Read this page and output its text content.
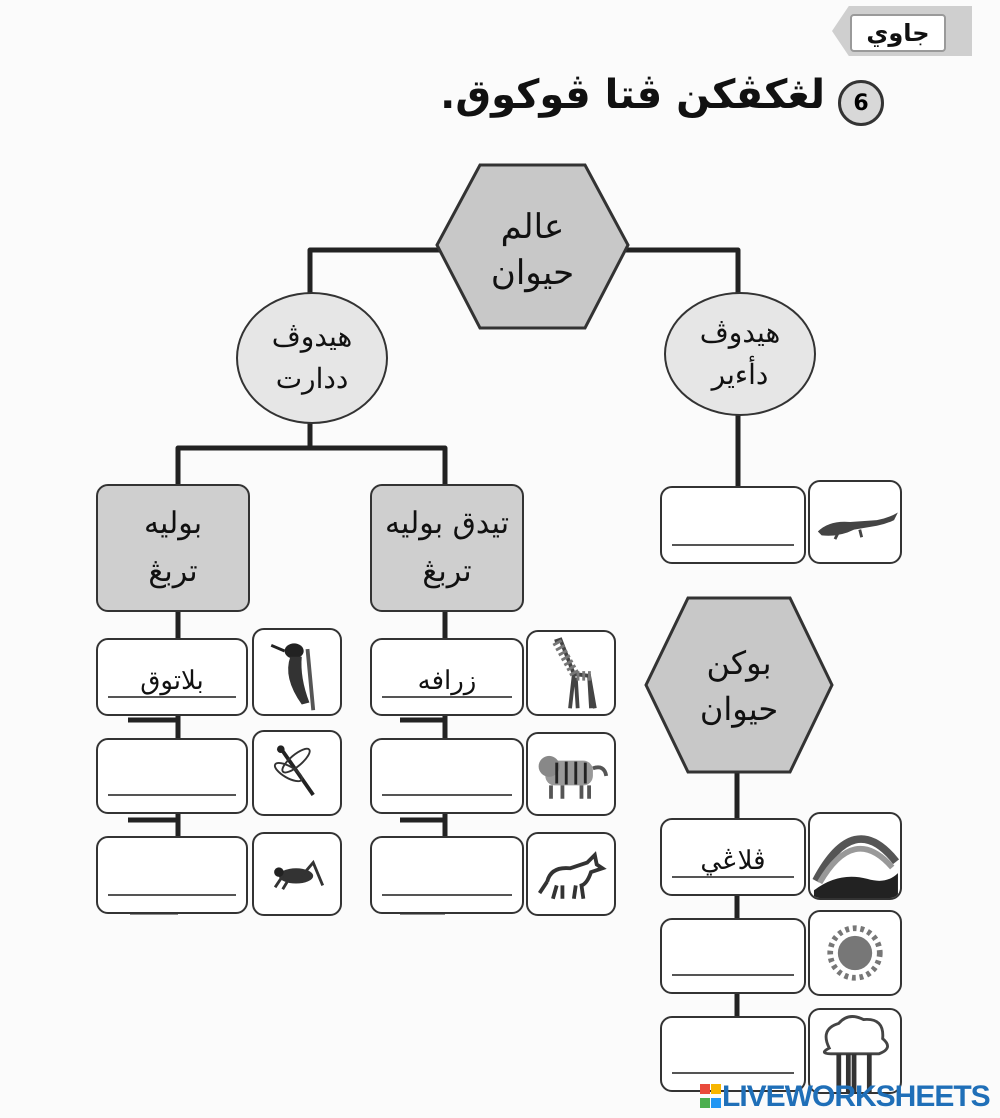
جاوي
6
لڠكڤكن ڤتا ڤوكوق.
عالم
حيوان
هيدوڤ
ددارت
هيدوڤ
دأءير
بوليه
تربڠ
تيدق بوليه
تربڠ
بوکن
حيوان
بلاتوق	زرافه
ڤلاڠي

LIVEWORKSHEETS
